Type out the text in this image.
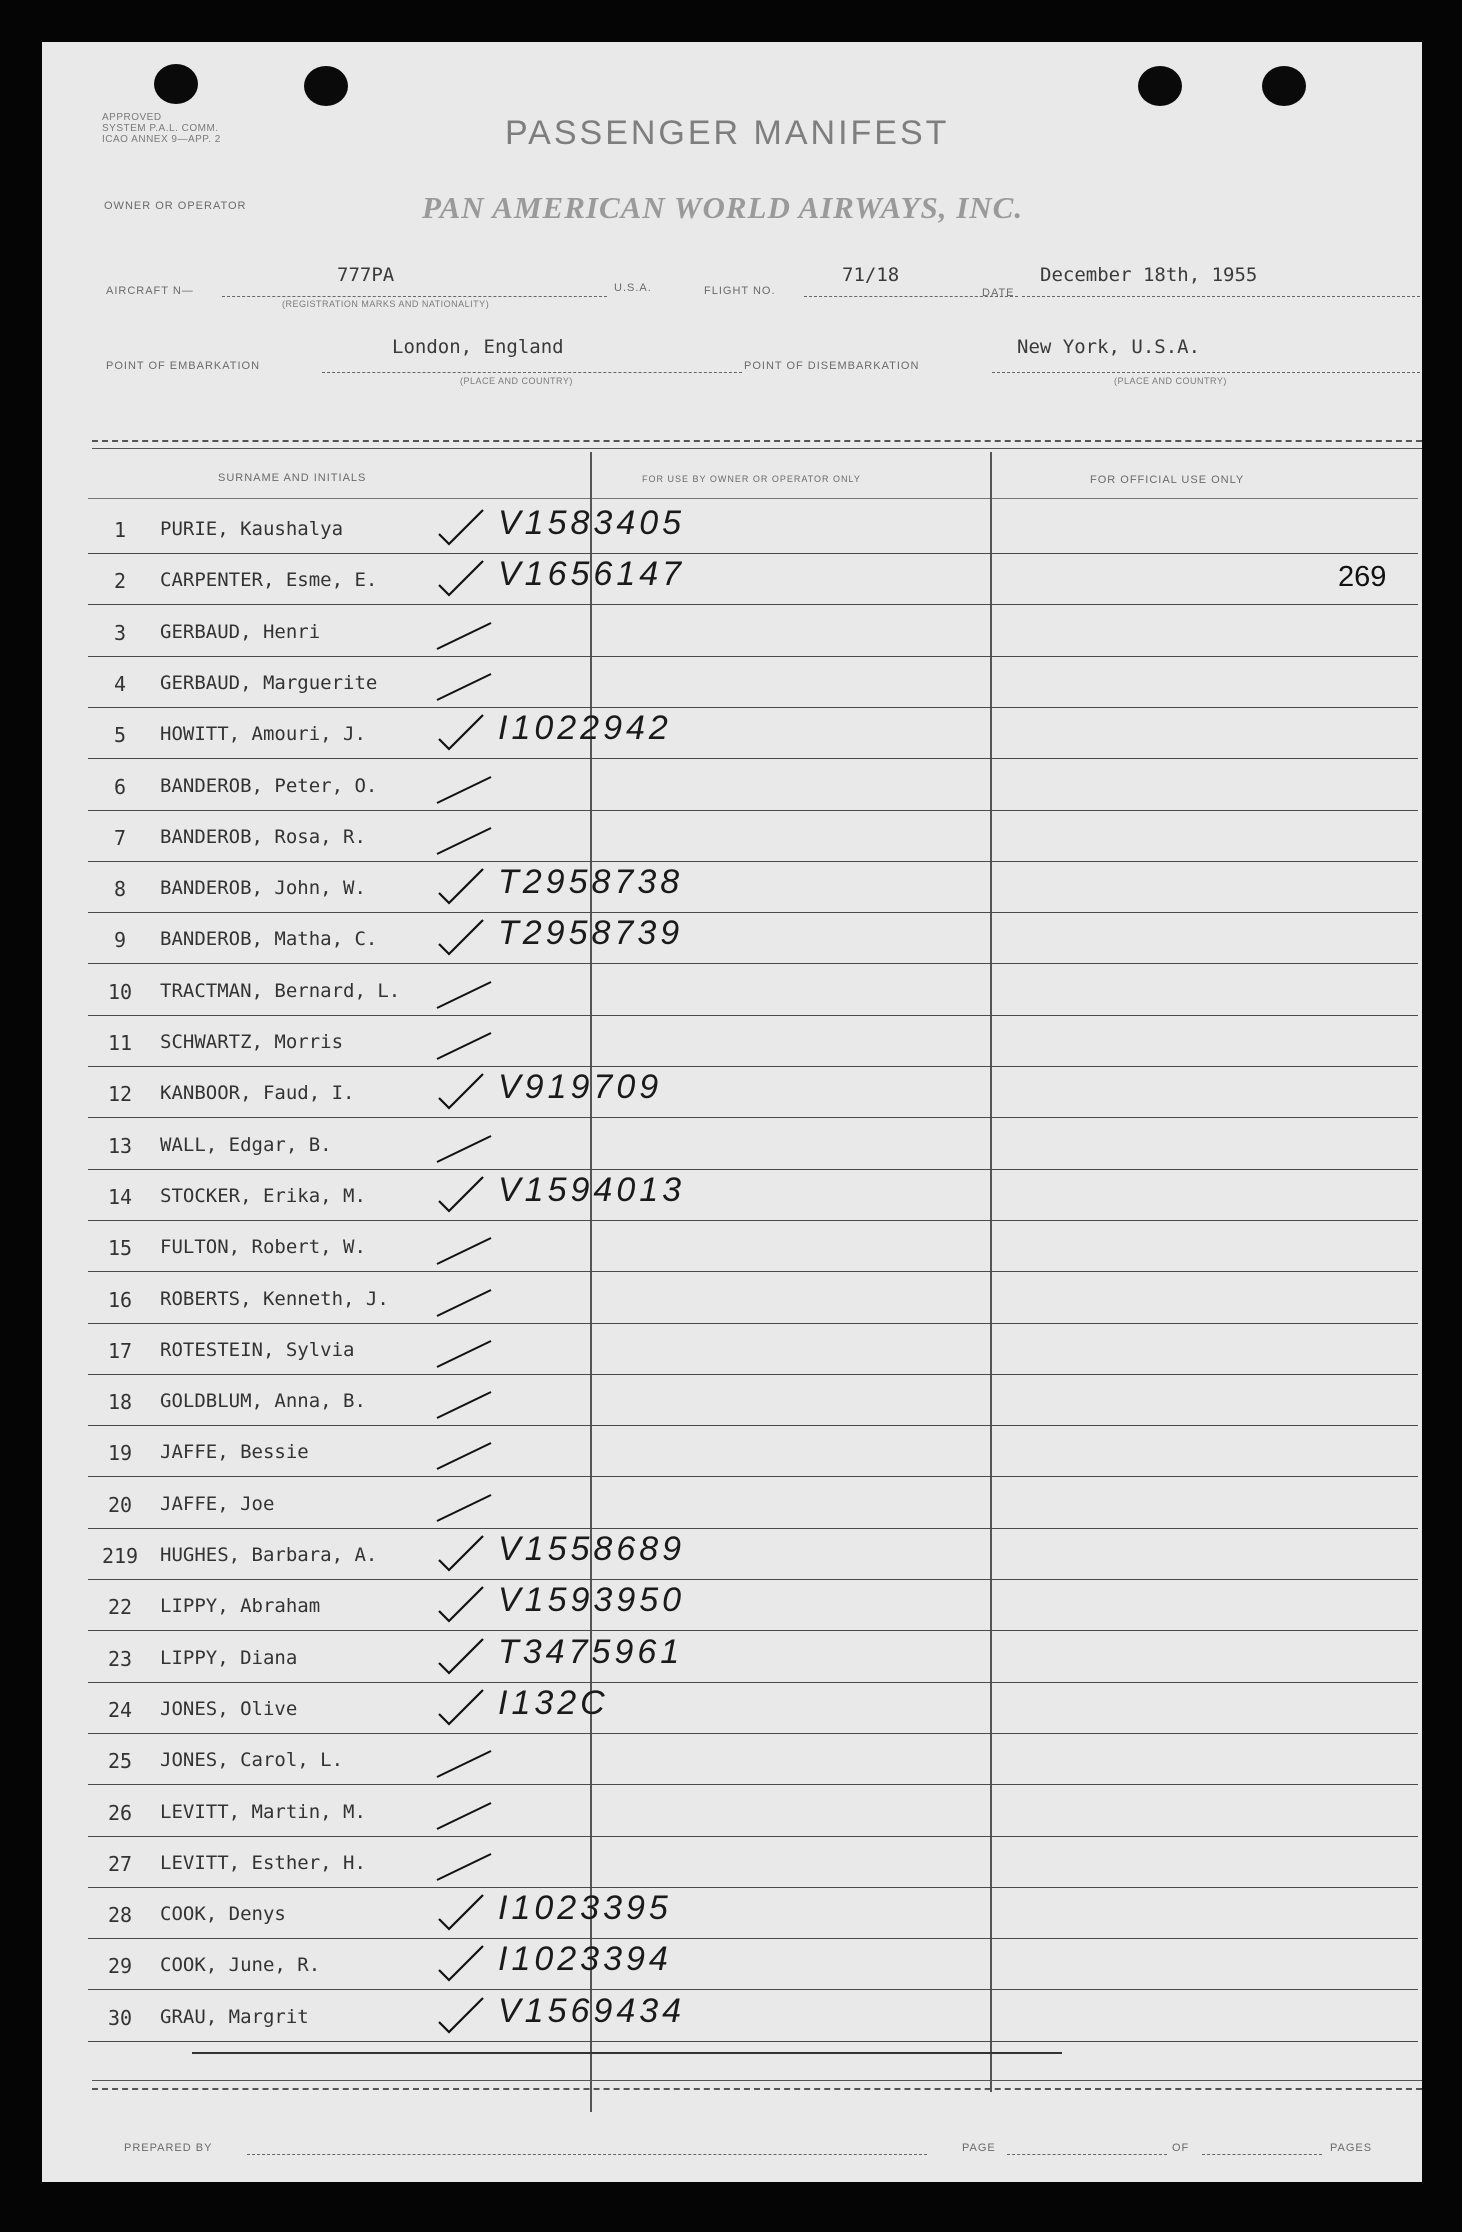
APPROVED
SYSTEM P.A.L. COMM.
ICAO ANNEX 9—APP. 2	PASSENGER MANIFEST
OWNER OR OPERATOR	PAN AMERICAN WORLD AIRWAYS, INC.
AIRCRAFT N—
777PA
(REGISTRATION MARKS AND NATIONALITY)
U.S.A.	FLIGHT NO.
71/18
DATE
December 18th, 1955
POINT OF EMBARKATION
London, England
(PLACE AND COUNTRY)
POINT OF DISEMBARKATION
New York, U.S.A.
(PLACE AND COUNTRY)
SURNAME AND INITIALS	FOR USE BY OWNER OR OPERATOR ONLY	FOR OFFICIAL USE ONLY
1	PURIE, Kaushalya	V1583405
2	CARPENTER, Esme, E.	V1656147	269
3	GERBAUD, Henri
4	GERBAUD, Marguerite
5	HOWITT, Amouri, J.	I1022942
6	BANDEROB, Peter, O.
7	BANDEROB, Rosa, R.
8	BANDEROB, John, W.	T2958738
9	BANDEROB, Matha, C.	T2958739
10	TRACTMAN, Bernard, L.
11	SCHWARTZ, Morris
12	KANBOOR, Faud, I.	V919709
13	WALL, Edgar, B.
14	STOCKER, Erika, M.	V1594013
15	FULTON, Robert, W.
16	ROBERTS, Kenneth, J.
17	ROTESTEIN, Sylvia
18	GOLDBLUM, Anna, B.
19	JAFFE, Bessie
20	JAFFE, Joe
219 HUGHES, Barbara, A.	V1558689
22	LIPPY, Abraham	V1593950
23	LIPPY, Diana	T3475961
24	JONES, Olive	I132C
25	JONES, Carol, L.
26	LEVITT, Martin, M.
27	LEVITT, Esther, H.
28	COOK, Denys	I1023395
29	COOK, June, R.	I1023394
30	GRAU, Margrit	V1569434
PREPARED BY	PAGE	OF	PAGES
